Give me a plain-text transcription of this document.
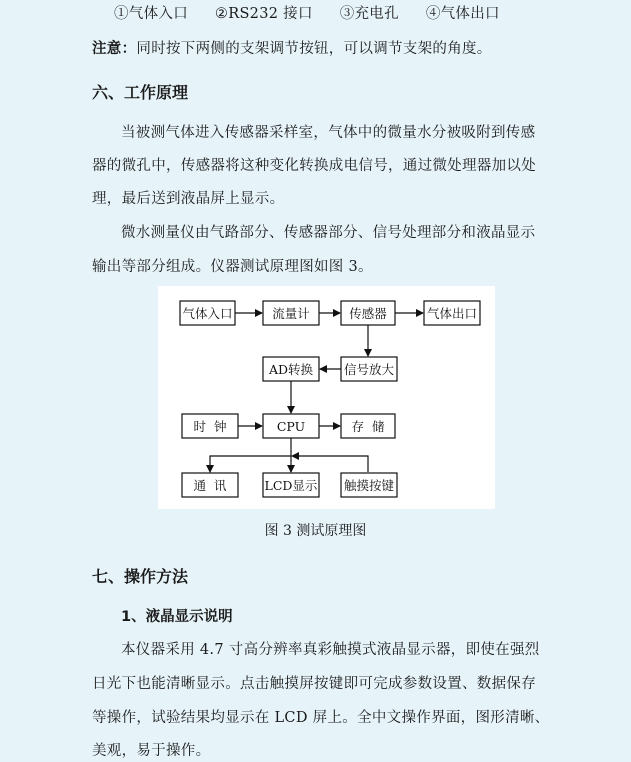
①气体入口 ②RS232 接口 ③充电孔 ④气体出口
注意：同时按下两侧的支架调节按钮，可以调节支架的角度。
六、工作原理
当被测气体进入传感器采样室，气体中的微量水分被吸附到传感
器的微孔中，传感器将这种变化转换成电信号，通过微处理器加以处
理，最后送到液晶屏上显示。
微水测量仪由气路部分、传感器部分、信号处理部分和液晶显示
输出等部分组成。仪器测试原理图如图 3。
气体入口	流量计	传感器	气体出口
AD转换 信号放大
时  钟	CPU	存  储
通  讯	LCD显示 触摸按键
图 3 测试原理图
七、操作方法
1、液晶显示说明
本仪器采用 4.7 寸高分辨率真彩触摸式液晶显示器，即使在强烈
日光下也能清晰显示。点击触摸屏按键即可完成参数设置、数据保存
等操作，试验结果均显示在 LCD 屏上。全中文操作界面，图形清晰、
美观，易于操作。
